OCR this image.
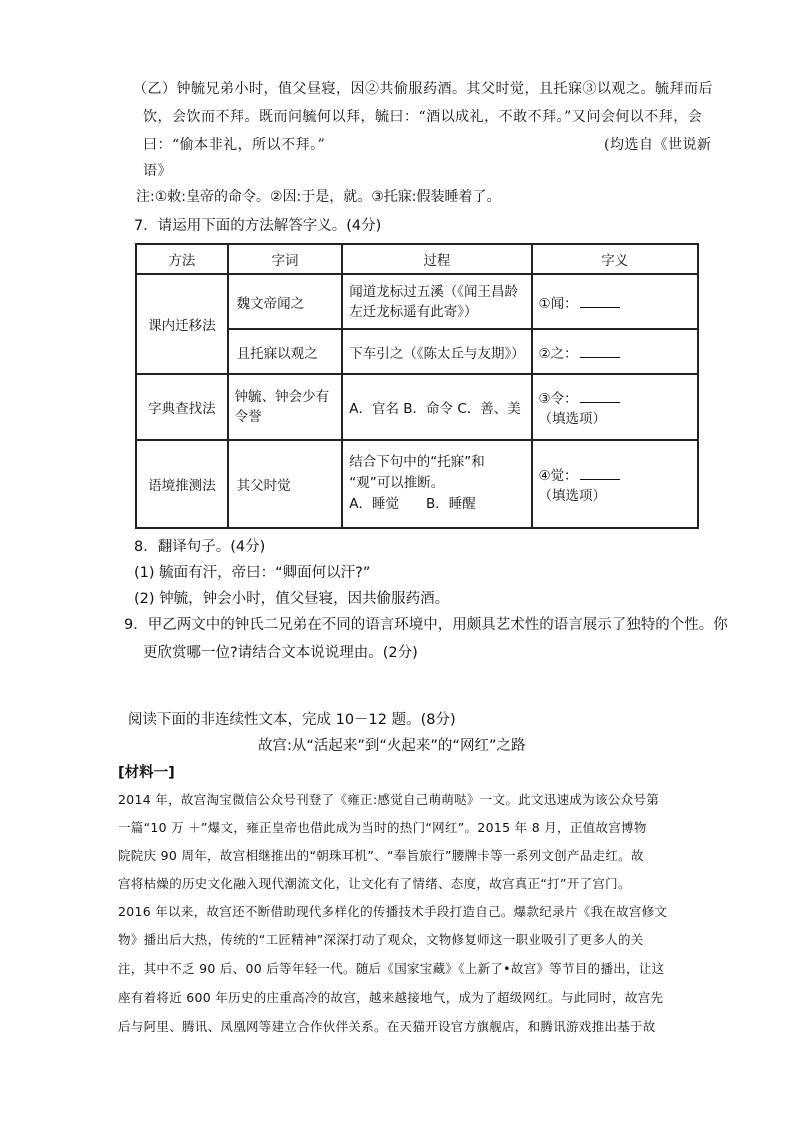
（乙）钟毓兄弟小时，值父昼寝，因②共偷服药酒。其父时觉，且托寐③以观之。毓拜而后
饮，会饮而不拜。既而问毓何以拜，毓曰：“酒以成礼，不敢不拜。”又问会何以不拜，会
曰：“偷本非礼，所以不拜。”	(均选自《世说新
语》
注:①敕:皇帝的命令。②因:于是，就。③托寐:假装睡着了。
7．请运用下面的方法解答字义。(4分)
方法	字词	过程	字义
课内迁移法	魏文帝闻之	闻道龙标过五溪（《闻王昌龄左迁龙标遥有此寄》）	①闻：
	且托寐以观之	下车引之（《陈太丘与友期》）	②之：
字典查找法	钟毓、钟会少有令誉	A．官名 B．命令 C．善、美	③令： （填选项）
语境推测法	其父时觉	结合下句中的“托寐”和
“观”可以推断。
A．睡觉　　B．睡醒	④觉： （填选项）
8．翻译句子。(4分)
(1) 毓面有汗，帝曰：“卿面何以汗?”
(2) 钟毓，钟会小时，值父昼寝，因共偷服药酒。
9．甲乙两文中的钟氏二兄弟在不同的语言环境中，用颇具艺术性的语言展示了独特的个性。你
更欣赏哪一位?请结合文本说说理由。(2分)
阅读下面的非连续性文本，完成 10－12 题。(8分)
故宫:从“活起来”到“火起来”的“网红”之路
[材料一]
2014 年，故宫淘宝微信公众号刊登了《雍正:感觉自己萌萌哒》一文。此文迅速成为该公众号第
一篇“10 万 ＋”爆文，雍正皇帝也借此成为当时的热门“网红”。2015 年 8 月，正值故宫博物
院院庆 90 周年，故宫相继推出的“朝珠耳机”、“奉旨旅行”腰牌卡等一系列文创产品走红。故
宫将枯燥的历史文化融入现代潮流文化，让文化有了情绪、态度，故宫真正“打”开了宫门。
2016 年以来，故宫还不断借助现代多样化的传播技术手段打造自己。爆款纪录片《我在故宫修文
物》播出后大热，传统的“工匠精神”深深打动了观众，文物修复师这一职业吸引了更多人的关
注，其中不乏 90 后、00 后等年轻一代。随后《国家宝藏》《上新了•故宫》等节目的播出，让这
座有着将近 600 年历史的庄重高冷的故宫，越来越接地气，成为了超级网红。与此同时，故宫先
后与阿里、腾讯、凤凰网等建立合作伙伴关系。在天猫开设官方旗舰店，和腾讯游戏推出基于故
